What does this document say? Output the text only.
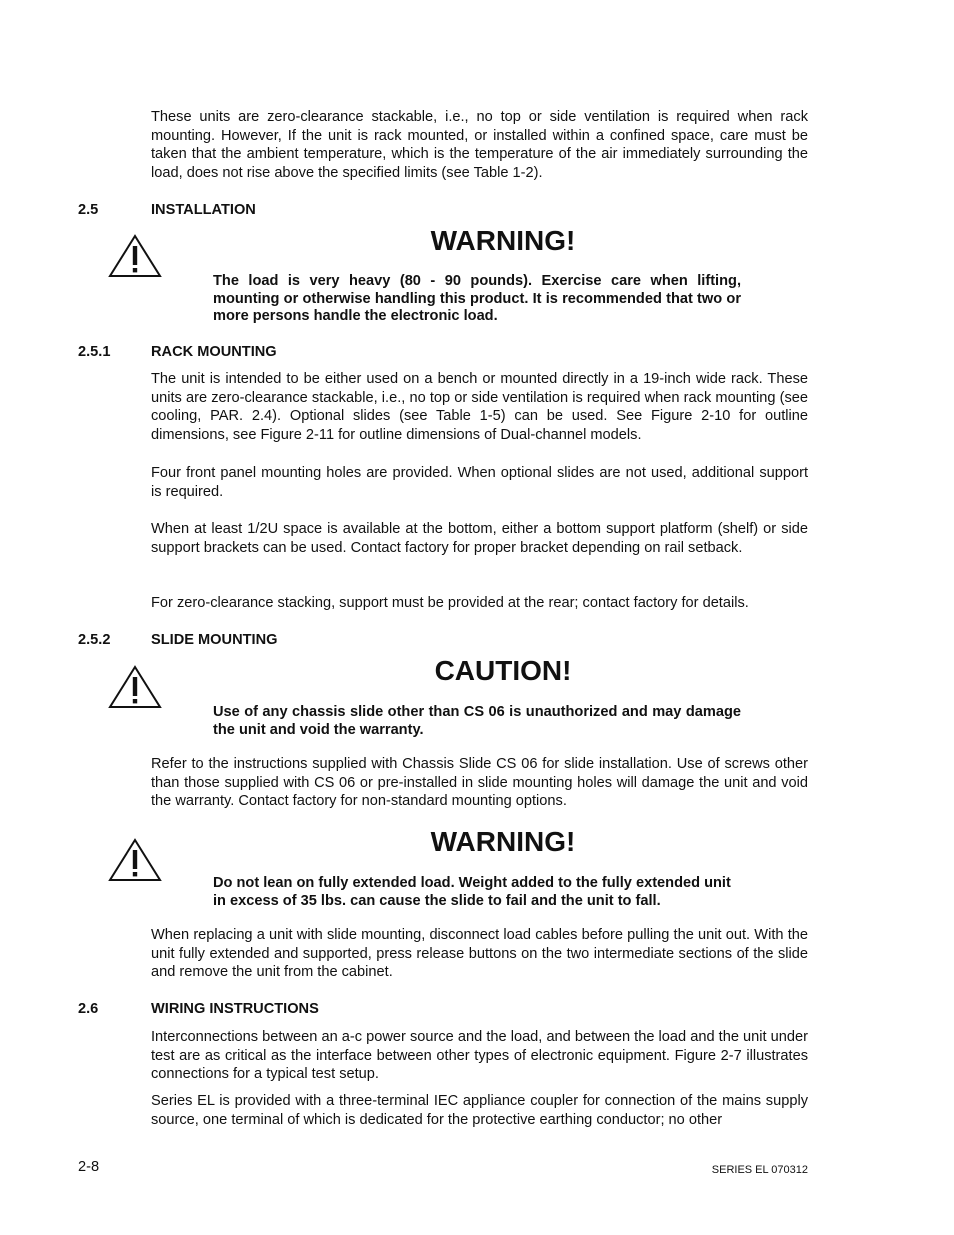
These units are zero-clearance stackable, i.e., no top or side ventilation is required when rack mounting. However, If the unit is rack mounted, or installed within a confined space, care must be taken that the ambient temperature, which is the temperature of the air immediately surrounding the load, does not rise above the specified limits (see Table 1-2).

2.5	INSTALLATION
WARNING!

The load is very heavy (80 - 90 pounds). Exercise care when lifting, mounting or otherwise handling this product. It is recommended that two or more persons handle the electronic load.

2.5.1	RACK MOUNTING

The unit is intended to be either used on a bench or mounted directly in a 19-inch wide rack. These units are zero-clearance stackable, i.e., no top or side ventilation is required when rack mounting (see cooling, PAR. 2.4). Optional slides (see Table 1-5) can be used. See Figure 2-10 for outline dimensions, see Figure 2-11 for outline dimensions of Dual-channel models.

Four front panel mounting holes are provided. When optional slides are not used, additional support is required.

When at least 1/2U space is available at the bottom, either a bottom support platform (shelf) or side support brackets can be used. Contact factory for proper bracket depending on rail setback.

For zero-clearance stacking, support must be provided at the rear; contact factory for details.

2.5.2	SLIDE MOUNTING
CAUTION!

Use of any chassis slide other than CS 06 is unauthorized and may damage the unit and void the warranty.

Refer to the instructions supplied with Chassis Slide CS 06 for slide installation. Use of screws other than those supplied with CS 06 or pre-installed in slide mounting holes will damage the unit and void the warranty. Contact factory for non-standard mounting options.

WARNING!

Do not lean on fully extended load. Weight added to the fully extended unit in excess of 35 lbs. can cause the slide to fail and the unit to fall.

When replacing a unit with slide mounting, disconnect load cables before pulling the unit out. With the unit fully extended and supported, press release buttons on the two intermediate sections of the slide and remove the unit from the cabinet.

2.6	WIRING INSTRUCTIONS

Interconnections between an a-c power source and the load, and between the load and the unit under test are as critical as the interface between other types of electronic equipment. Figure 2-7 illustrates connections for a typical test setup.

Series EL is provided with a three-terminal IEC appliance coupler for connection of the mains supply source, one terminal of which is dedicated for the protective earthing conductor; no other

2-8	SERIES EL 070312
